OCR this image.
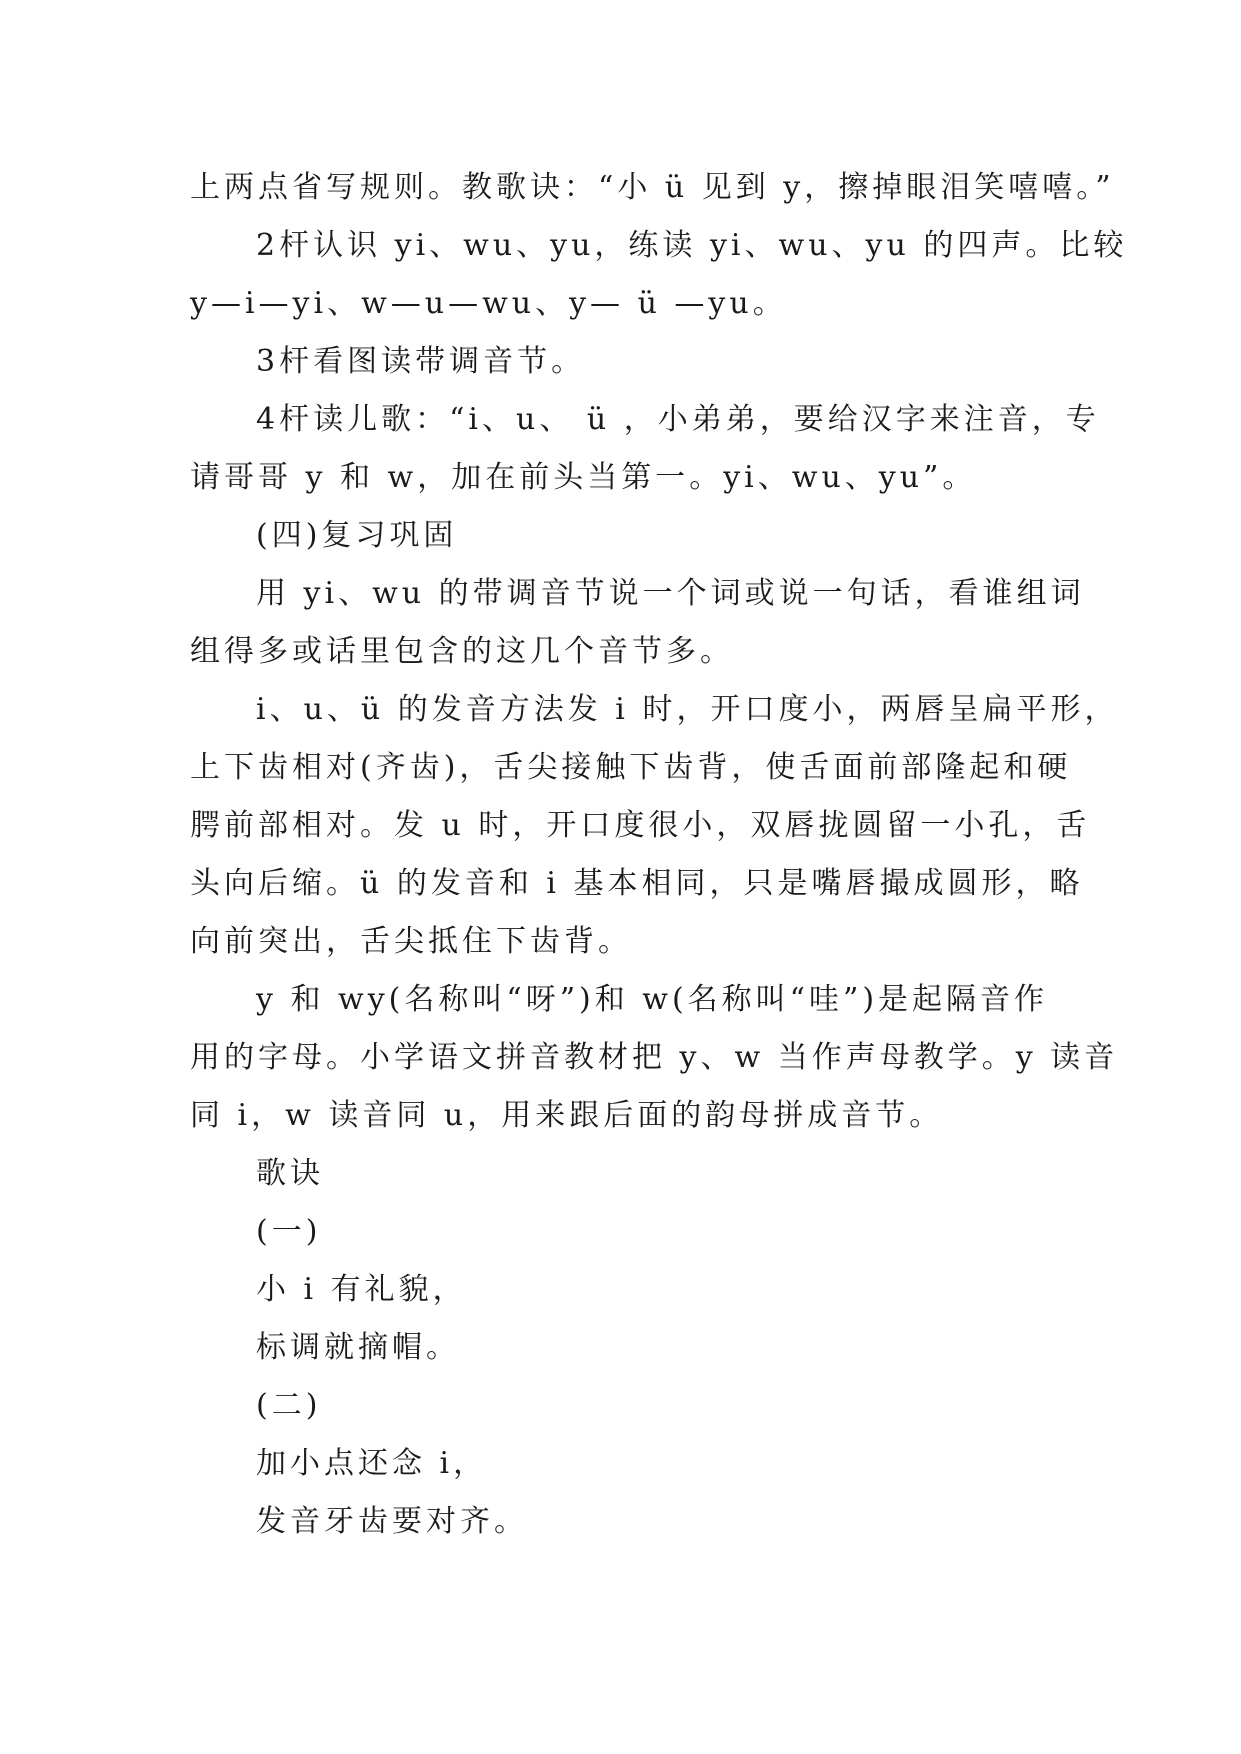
上两点省写规则。教歌诀：“小 ü 见到 y，擦掉眼泪笑嘻嘻。”
2杆认识 yi、wu、yu，练读 yi、wu、yu 的四声。比较
y—i—yi、w—u—wu、y— ü —yu。
3杆看图读带调音节。
4杆读儿歌：“i、u、 ü ，小弟弟，要给汉字来注音，专
请哥哥 y 和 w，加在前头当第一。yi、wu、yu”。
(四)复习巩固
用 yi、wu 的带调音节说一个词或说一句话，看谁组词
组得多或话里包含的这几个音节多。
i、u、ü 的发音方法发 i 时，开口度小，两唇呈扁平形，
上下齿相对(齐齿)，舌尖接触下齿背，使舌面前部隆起和硬
腭前部相对。发 u 时，开口度很小，双唇拢圆留一小孔，舌
头向后缩。ü 的发音和 i 基本相同，只是嘴唇撮成圆形，略
向前突出，舌尖抵住下齿背。
y 和 wy(名称叫“呀”)和 w(名称叫“哇”)是起隔音作
用的字母。小学语文拼音教材把 y、w 当作声母教学。y 读音
同 i，w 读音同 u，用来跟后面的韵母拼成音节。
歌诀
(一)
小 i 有礼貌，
标调就摘帽。
(二)
加小点还念 i，
发音牙齿要对齐。
